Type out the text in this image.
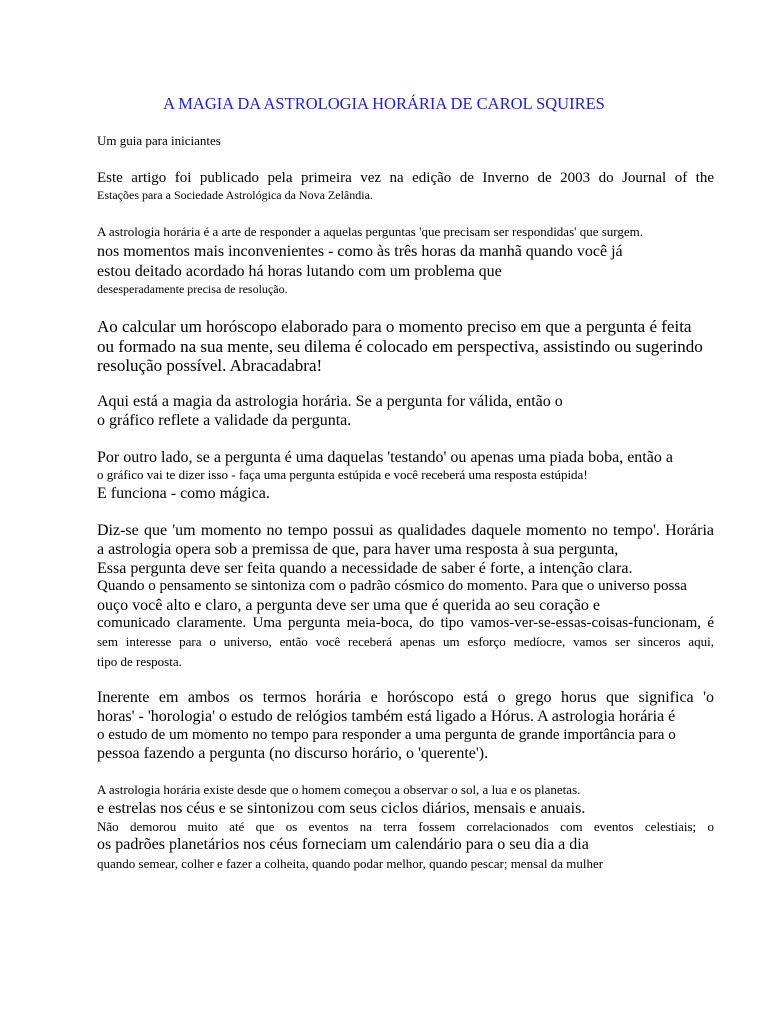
A MAGIA DA ASTROLOGIA HORÁRIA DE CAROL SQUIRES
Um guia para iniciantes
Este artigo foi publicado pela primeira vez na edição de Inverno de 2003 do Journal of the
Estações para a Sociedade Astrológica da Nova Zelândia.
A astrologia horária é a arte de responder a aquelas perguntas 'que precisam ser respondidas' que surgem.
nos momentos mais inconvenientes - como às três horas da manhã quando você já
estou deitado acordado há horas lutando com um problema que
desesperadamente precisa de resolução.
Ao calcular um horóscopo elaborado para o momento preciso em que a pergunta é feita
ou formado na sua mente, seu dilema é colocado em perspectiva, assistindo ou sugerindo
resolução possível. Abracadabra!
Aqui está a magia da astrologia horária. Se a pergunta for válida, então o
o gráfico reflete a validade da pergunta.
Por outro lado, se a pergunta é uma daquelas 'testando' ou apenas uma piada boba, então a
o gráfico vai te dizer isso - faça uma pergunta estúpida e você receberá uma resposta estúpida!
E funciona - como mágica.
Diz-se que 'um momento no tempo possui as qualidades daquele momento no tempo'. Horária
a astrologia opera sob a premissa de que, para haver uma resposta à sua pergunta,
Essa pergunta deve ser feita quando a necessidade de saber é forte, a intenção clara.
Quando o pensamento se sintoniza com o padrão cósmico do momento. Para que o universo possa
ouço você alto e claro, a pergunta deve ser uma que é querida ao seu coração e
comunicado claramente. Uma pergunta meia-boca, do tipo vamos-ver-se-essas-coisas-funcionam, é
sem interesse para o universo, então você receberá apenas um esforço medíocre, vamos ser sinceros aqui,
tipo de resposta.
Inerente em ambos os termos horária e horóscopo está o grego horus que significa 'o
horas' - 'horologia' o estudo de relógios também está ligado a Hórus. A astrologia horária é
o estudo de um momento no tempo para responder a uma pergunta de grande importância para o
pessoa fazendo a pergunta (no discurso horário, o 'querente').
A astrologia horária existe desde que o homem começou a observar o sol, a lua e os planetas.
e estrelas nos céus e se sintonizou com seus ciclos diários, mensais e anuais.
Não demorou muito até que os eventos na terra fossem correlacionados com eventos celestiais; o
os padrões planetários nos céus forneciam um calendário para o seu dia a dia
quando semear, colher e fazer a colheita, quando podar melhor, quando pescar; mensal da mulher
